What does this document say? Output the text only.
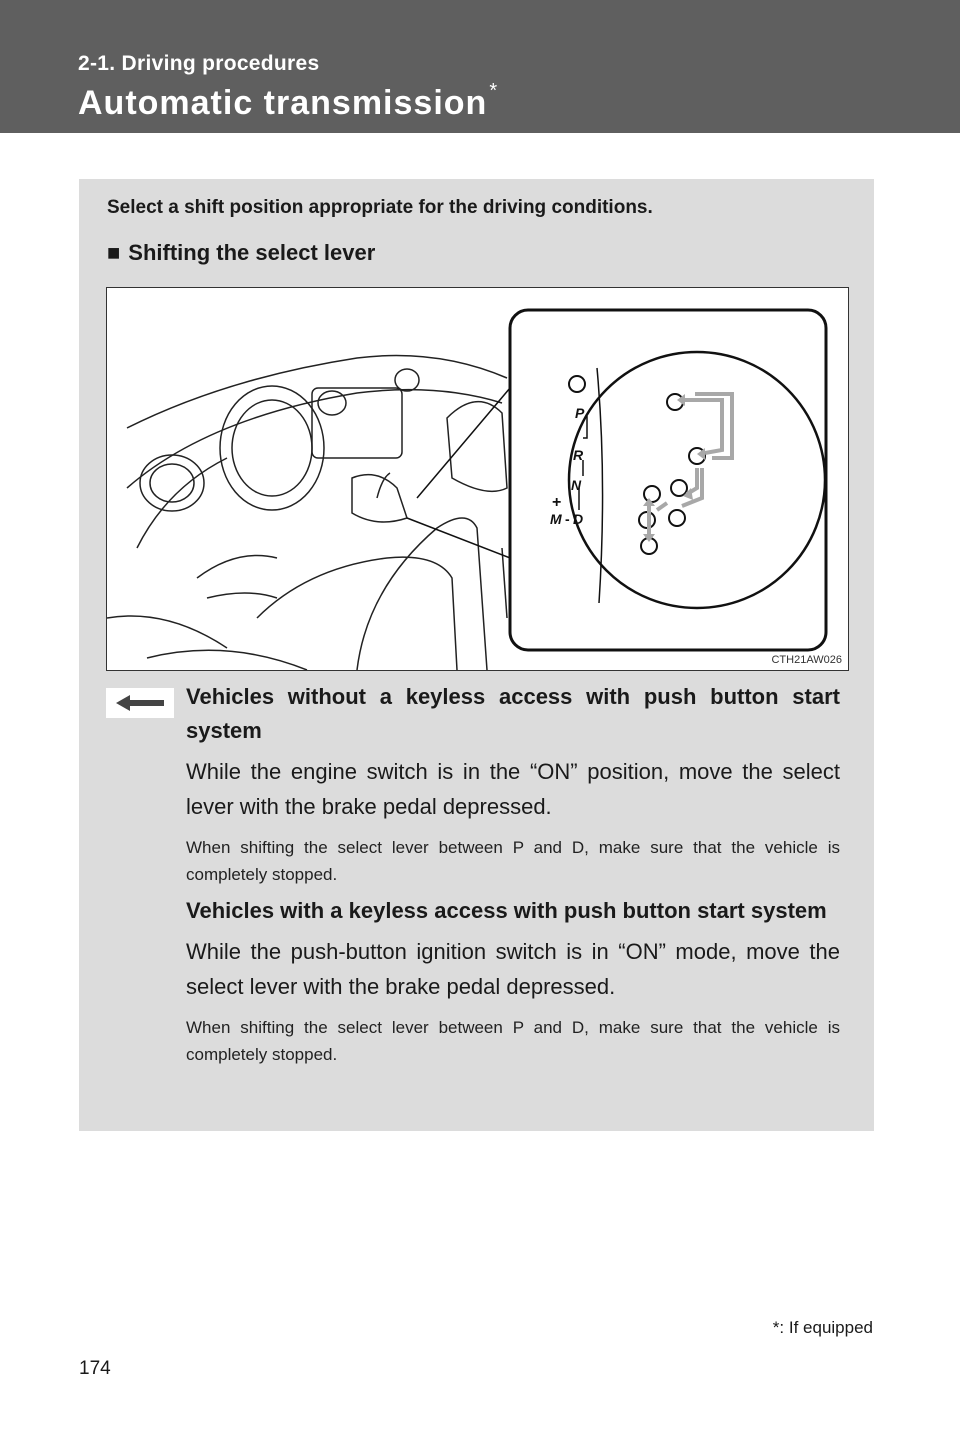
2-1. Driving procedures
Automatic transmission *
Select a shift position appropriate for the driving conditions.
■ Shifting the select lever
P
R
N
D
M
+
-
CTH21AW026
Vehicles without a keyless access with push button start system

While the engine switch is in the “ON” position, move the select lever with the brake pedal depressed.

When shifting the select lever between P and D, make sure that the vehicle is completely stopped.

Vehicles with a keyless access with push button start system

While the push-button ignition switch is in “ON” mode, move the select lever with the brake pedal depressed.

When shifting the select lever between P and D, make sure that the vehicle is completely stopped.

*: If equipped
174
